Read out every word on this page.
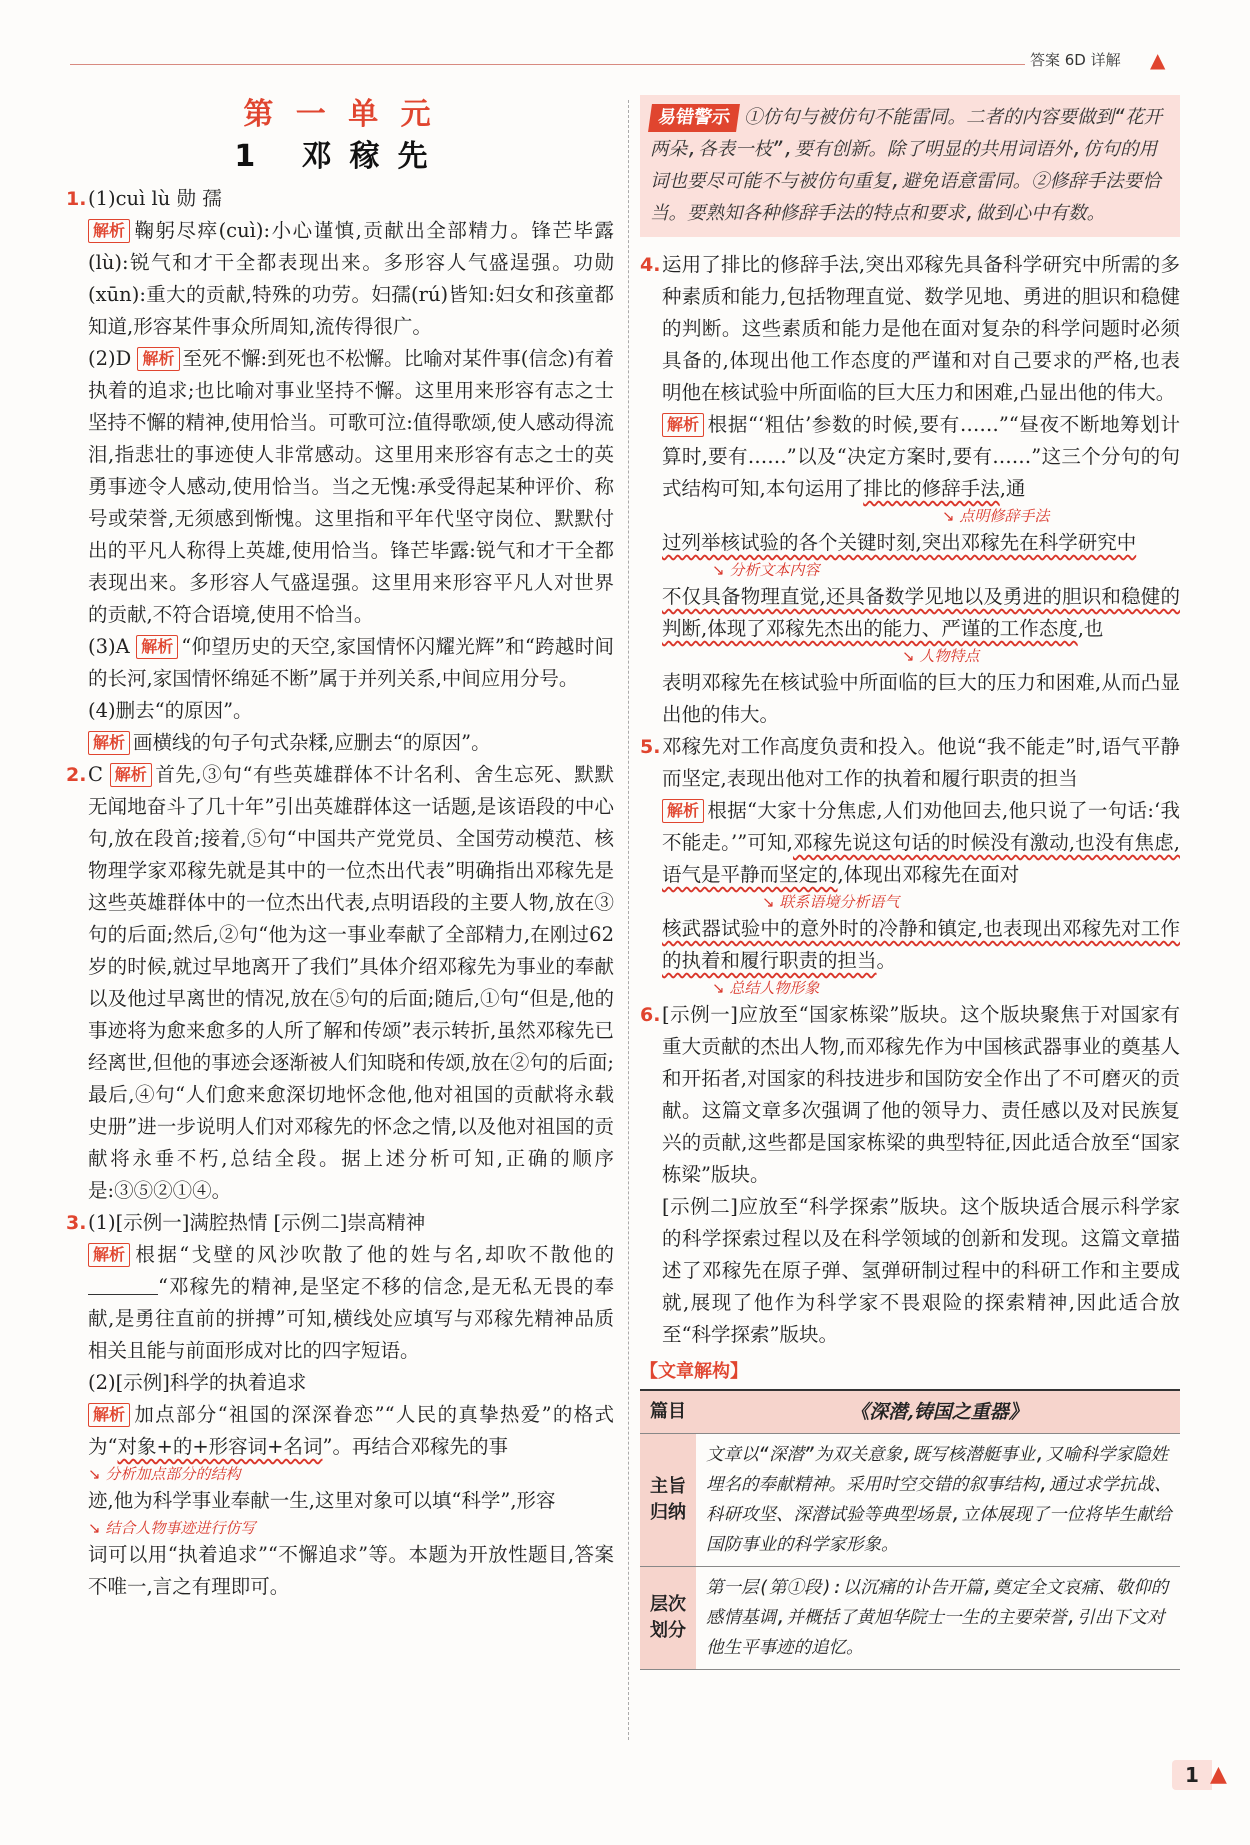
答案 6D 详解 ▲
第 一 单 元
1 邓稼先
1. (1)cuì lù 勋 孺
解析 鞠躬尽瘁(cuì):小心谨慎,贡献出全部精力。锋芒毕露(lù):锐气和才干全都表现出来。多形容人气盛逞强。功勋(xūn):重大的贡献,特殊的功劳。妇孺(rú)皆知:妇女和孩童都知道,形容某件事众所周知,流传得很广。
(2)D 解析 至死不懈:到死也不松懈。比喻对某件事(信念)有着执着的追求;也比喻对事业坚持不懈。这里用来形容有志之士坚持不懈的精神,使用恰当。可歌可泣:值得歌颂,使人感动得流泪,指悲壮的事迹使人非常感动。这里用来形容有志之士的英勇事迹令人感动,使用恰当。当之无愧:承受得起某种评价、称号或荣誉,无须感到惭愧。这里指和平年代坚守岗位、默默付出的平凡人称得上英雄,使用恰当。锋芒毕露:锐气和才干全都表现出来。多形容人气盛逞强。这里用来形容平凡人对世界的贡献,不符合语境,使用不恰当。
(3)A 解析 “仰望历史的天空,家国情怀闪耀光辉”和“跨越时间的长河,家国情怀绵延不断”属于并列关系,中间应用分号。
(4)删去“的原因”。
解析 画横线的句子句式杂糅,应删去“的原因”。
2. C 解析 首先,③句“有些英雄群体不计名利、舍生忘死、默默无闻地奋斗了几十年”引出英雄群体这一话题,是该语段的中心句,放在段首;接着,⑤句“中国共产党党员、全国劳动模范、核物理学家邓稼先就是其中的一位杰出代表”明确指出邓稼先是这些英雄群体中的一位杰出代表,点明语段的主要人物,放在③句的后面;然后,②句“他为这一事业奉献了全部精力,在刚过62岁的时候,就过早地离开了我们”具体介绍邓稼先为事业的奉献以及他过早离世的情况,放在⑤句的后面;随后,①句“但是,他的事迹将为愈来愈多的人所了解和传颂”表示转折,虽然邓稼先已经离世,但他的事迹会逐渐被人们知晓和传颂,放在②句的后面;最后,④句“人们愈来愈深切地怀念他,他对祖国的贡献将永载史册”进一步说明人们对邓稼先的怀念之情,以及他对祖国的贡献将永垂不朽,总结全段。据上述分析可知,正确的顺序是:③⑤②①④。
3. (1)[示例一]满腔热情 [示例二]崇高精神
解析 根据“戈壁的风沙吹散了他的姓与名,却吹不散他的“邓稼先的精神,是坚定不移的信念,是无私无畏的奉献,是勇往直前的拼搏”可知,横线处应填写与邓稼先精神品质相关且能与前面形成对比的四字短语。
(2)[示例]科学的执着追求
解析 加点部分“祖国的深深眷恋”“人民的真挚热爱”的格式为“对象+的+形容词+名词”。再结合邓稼先的事
↘ 分析加点部分的结构
迹,他为科学事业奉献一生,这里对象可以填“科学”,形容
↘ 结合人物事迹进行仿写
词可以用“执着追求”“不懈追求”等。本题为开放性题目,答案不唯一,言之有理即可。
易错警示 ①仿句与被仿句不能雷同。二者的内容要做到“花开两朵,各表一枝”,要有创新。除了明显的共用词语外,仿句的用词也要尽可能不与被仿句重复,避免语意雷同。②修辞手法要恰当。要熟知各种修辞手法的特点和要求,做到心中有数。
4. 运用了排比的修辞手法,突出邓稼先具备科学研究中所需的多种素质和能力,包括物理直觉、数学见地、勇进的胆识和稳健的判断。这些素质和能力是他在面对复杂的科学问题时必须具备的,体现出他工作态度的严谨和对自己要求的严格,也表明他在核试验中所面临的巨大压力和困难,凸显出他的伟大。
解析 根据“‘粗估’参数的时候,要有……”“昼夜不断地筹划计算时,要有……”以及“决定方案时,要有……”这三个分句的句式结构可知,本句运用了排比的修辞手法,通
↘ 点明修辞手法
过列举核试验的各个关键时刻,突出邓稼先在科学研究中
↘ 分析文本内容
不仅具备物理直觉,还具备数学见地以及勇进的胆识和稳健的判断,体现了邓稼先杰出的能力、严谨的工作态度,也
↘ 人物特点
表明邓稼先在核试验中所面临的巨大的压力和困难,从而凸显出他的伟大。
5. 邓稼先对工作高度负责和投入。他说“我不能走”时,语气平静而坚定,表现出他对工作的执着和履行职责的担当
解析 根据“大家十分焦虑,人们劝他回去,他只说了一句话:‘我不能走。’”可知,邓稼先说这句话的时候没有激动,也没有焦虑,语气是平静而坚定的,体现出邓稼先在面对
↘ 联系语境分析语气
核武器试验中的意外时的冷静和镇定,也表现出邓稼先对工作的执着和履行职责的担当。
↘ 总结人物形象
6. [示例一]应放至“国家栋梁”版块。这个版块聚焦于对国家有重大贡献的杰出人物,而邓稼先作为中国核武器事业的奠基人和开拓者,对国家的科技进步和国防安全作出了不可磨灭的贡献。这篇文章多次强调了他的领导力、责任感以及对民族复兴的贡献,这些都是国家栋梁的典型特征,因此适合放至“国家栋梁”版块。
[示例二]应放至“科学探索”版块。这个版块适合展示科学家的科学探索过程以及在科学领域的创新和发现。这篇文章描述了邓稼先在原子弹、氢弹研制过程中的科研工作和主要成就,展现了他作为科学家不畏艰险的探索精神,因此适合放至“科学探索”版块。
【文章解构】
篇目	《深潜,铸国之重器》
主旨归纳	文章以“深潜”为双关意象,既写核潜艇事业,又喻科学家隐姓埋名的奉献精神。采用时空交错的叙事结构,通过求学抗战、科研攻坚、深潜试验等典型场景,立体展现了一位将毕生献给国防事业的科学家形象。
层次划分	第一层(第①段):以沉痛的讣告开篇,奠定全文哀痛、敬仰的感情基调,并概括了黄旭华院士一生的主要荣誉,引出下文对他生平事迹的追忆。
1 ▲
